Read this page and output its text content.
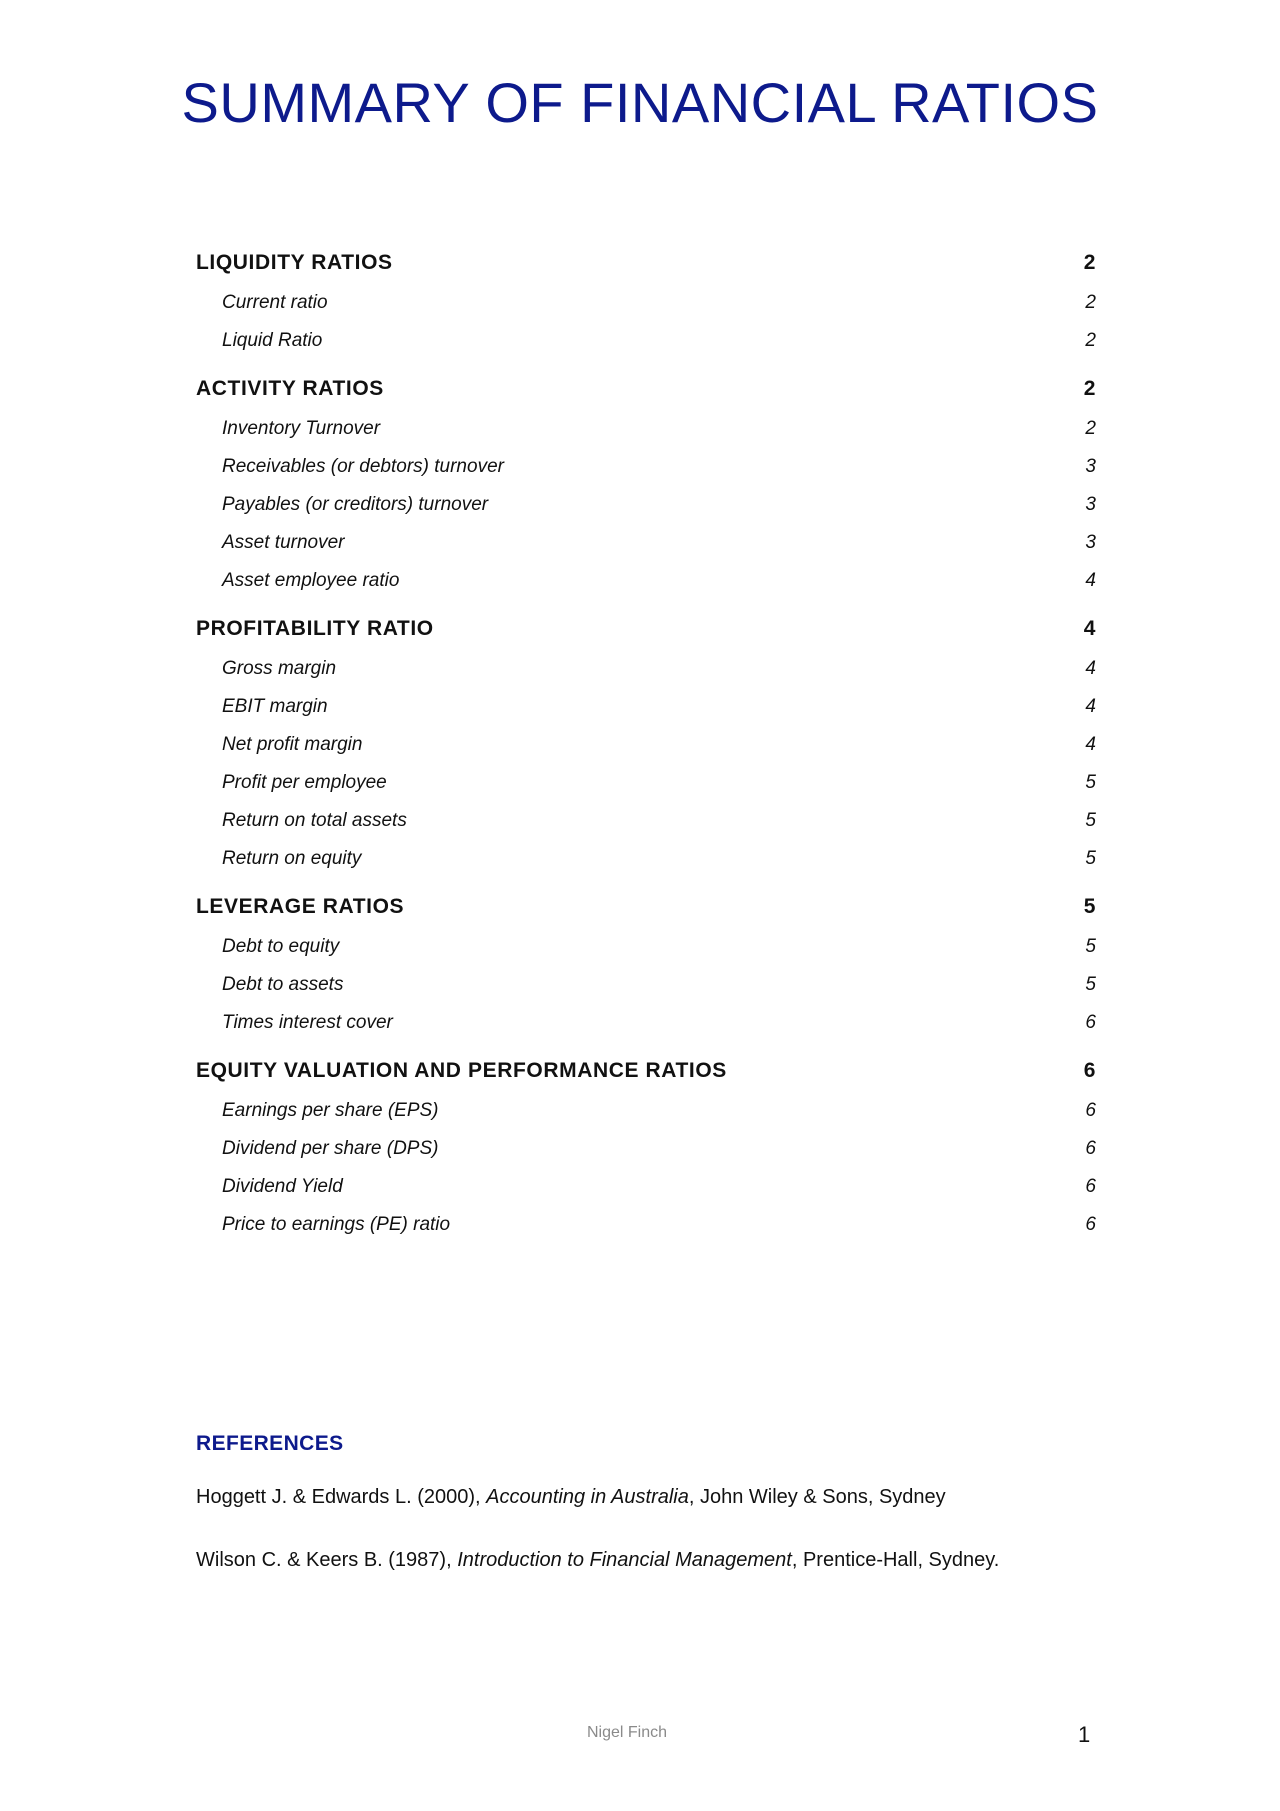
SUMMARY OF FINANCIAL RATIOS
LIQUIDITY RATIOS	2
Current ratio	2
Liquid Ratio	2
ACTIVITY RATIOS	2
Inventory Turnover	2
Receivables (or debtors) turnover	3
Payables (or creditors) turnover	3
Asset turnover	3
Asset employee ratio	4
PROFITABILITY RATIO	4
Gross margin	4
EBIT margin	4
Net profit margin	4
Profit per employee	5
Return on total assets	5
Return on equity	5
LEVERAGE RATIOS	5
Debt to equity	5
Debt to assets	5
Times interest cover	6
EQUITY VALUATION AND PERFORMANCE RATIOS	6
Earnings per share (EPS)	6
Dividend per share (DPS)	6
Dividend Yield	6
Price to earnings (PE) ratio	6
REFERENCES

Hoggett J. & Edwards L. (2000), Accounting in Australia, John Wiley & Sons, Sydney

Wilson C. & Keers B. (1987), Introduction to Financial Management, Prentice-Hall, Sydney.

Nigel Finch	1
